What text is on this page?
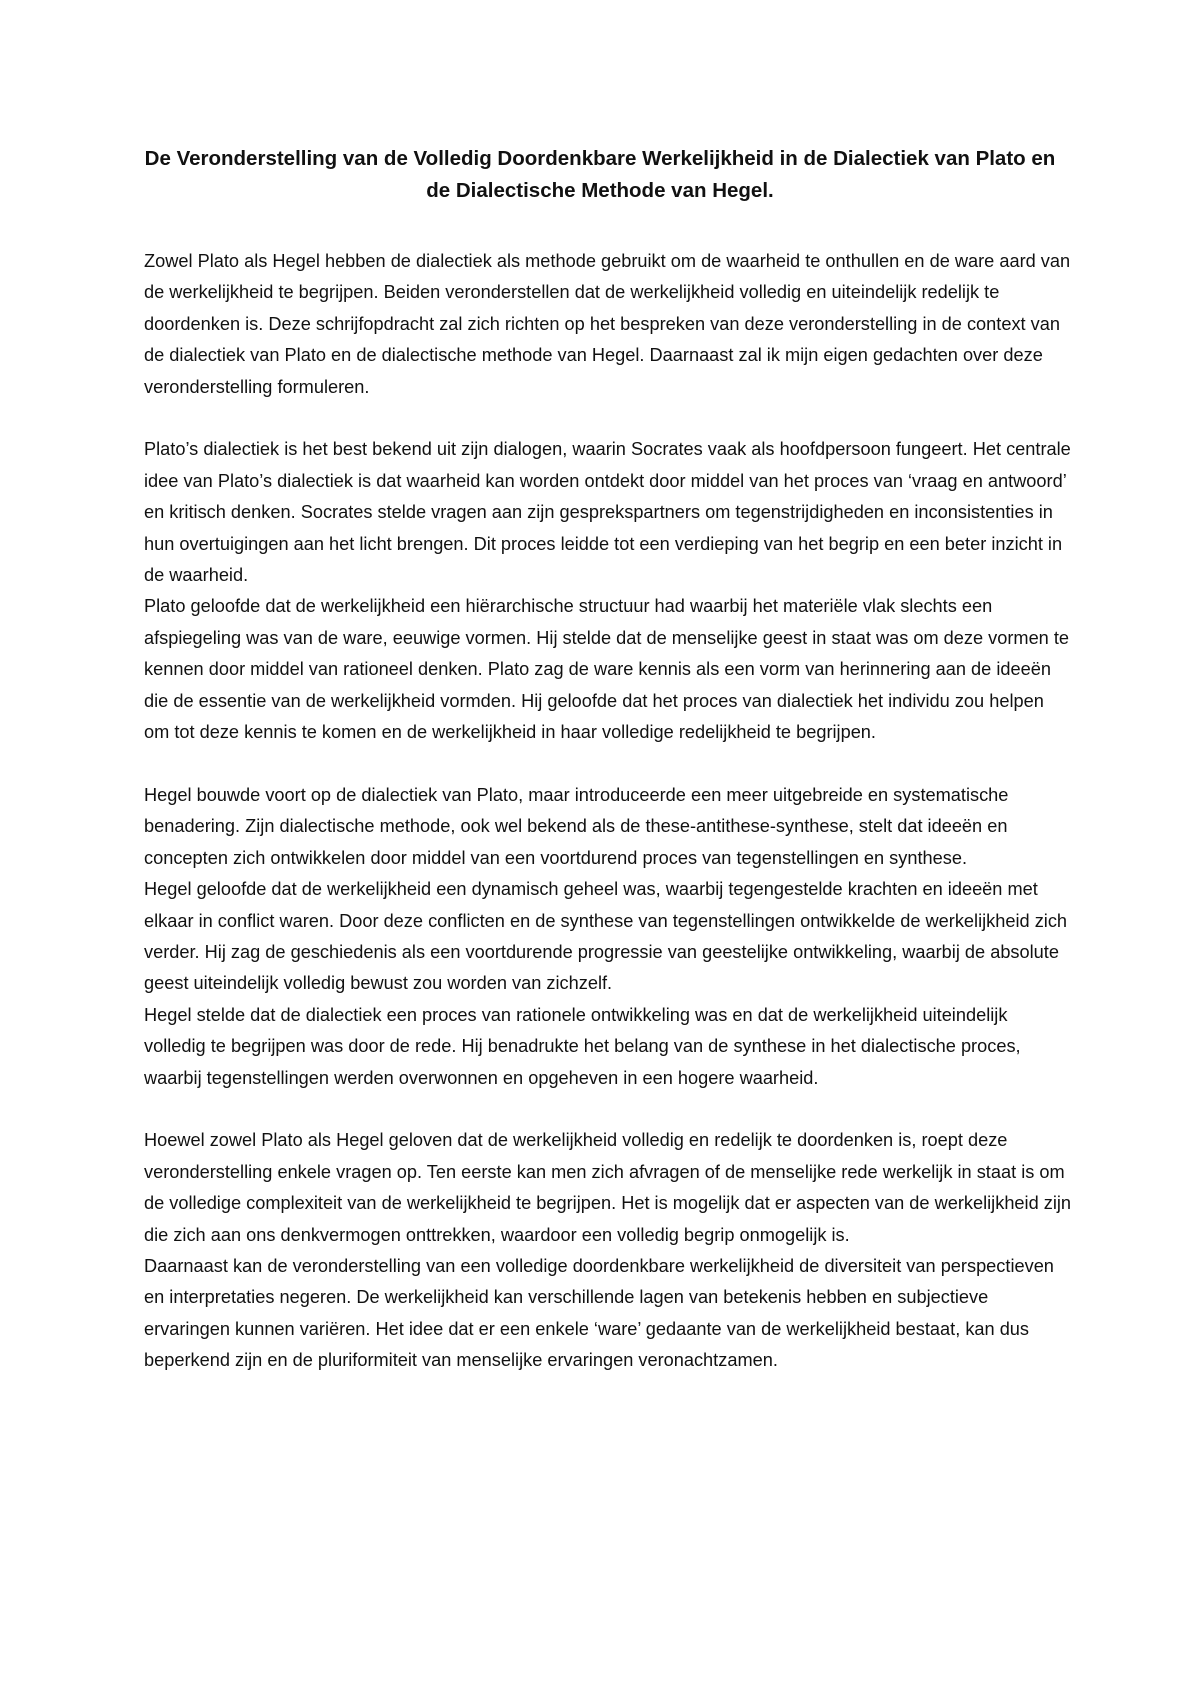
De Veronderstelling van de Volledig Doordenkbare Werkelijkheid in de Dialectiek van Plato en de Dialectische Methode van Hegel.

Zowel Plato als Hegel hebben de dialectiek als methode gebruikt om de waarheid te onthullen en de ware aard van de werkelijkheid te begrijpen. Beiden veronderstellen dat de werkelijkheid volledig en uiteindelijk redelijk te doordenken is. Deze schrijfopdracht zal zich richten op het bespreken van deze veronderstelling in de context van de dialectiek van Plato en de dialectische methode van Hegel. Daarnaast zal ik mijn eigen gedachten over deze veronderstelling formuleren.

Plato’s dialectiek is het best bekend uit zijn dialogen, waarin Socrates vaak als hoofdpersoon fungeert. Het centrale idee van Plato’s dialectiek is dat waarheid kan worden ontdekt door middel van het proces van ‘vraag en antwoord’ en kritisch denken. Socrates stelde vragen aan zijn gesprekspartners om tegenstrijdigheden en inconsistenties in hun overtuigingen aan het licht brengen. Dit proces leidde tot een verdieping van het begrip en een beter inzicht in de waarheid.

Plato geloofde dat de werkelijkheid een hiërarchische structuur had waarbij het materiële vlak slechts een afspiegeling was van de ware, eeuwige vormen. Hij stelde dat de menselijke geest in staat was om deze vormen te kennen door middel van rationeel denken. Plato zag de ware kennis als een vorm van herinnering aan de ideeën die de essentie van de werkelijkheid vormden. Hij geloofde dat het proces van dialectiek het individu zou helpen om tot deze kennis te komen en de werkelijkheid in haar volledige redelijkheid te begrijpen.

Hegel bouwde voort op de dialectiek van Plato, maar introduceerde een meer uitgebreide en systematische benadering. Zijn dialectische methode, ook wel bekend als de these-antithese-synthese, stelt dat ideeën en concepten zich ontwikkelen door middel van een voortdurend proces van tegenstellingen en synthese.

Hegel geloofde dat de werkelijkheid een dynamisch geheel was, waarbij tegengestelde krachten en ideeën met elkaar in conflict waren. Door deze conflicten en de synthese van tegenstellingen ontwikkelde de werkelijkheid zich verder. Hij zag de geschiedenis als een voortdurende progressie van geestelijke ontwikkeling, waarbij de absolute geest uiteindelijk volledig bewust zou worden van zichzelf.

Hegel stelde dat de dialectiek een proces van rationele ontwikkeling was en dat de werkelijkheid uiteindelijk volledig te begrijpen was door de rede. Hij benadrukte het belang van de synthese in het dialectische proces, waarbij tegenstellingen werden overwonnen en opgeheven in een hogere waarheid.

Hoewel zowel Plato als Hegel geloven dat de werkelijkheid volledig en redelijk te doordenken is, roept deze veronderstelling enkele vragen op. Ten eerste kan men zich afvragen of de menselijke rede werkelijk in staat is om de volledige complexiteit van de werkelijkheid te begrijpen. Het is mogelijk dat er aspecten van de werkelijkheid zijn die zich aan ons denkvermogen onttrekken, waardoor een volledig begrip onmogelijk is.

Daarnaast kan de veronderstelling van een volledige doordenkbare werkelijkheid de diversiteit van perspectieven en interpretaties negeren. De werkelijkheid kan verschillende lagen van betekenis hebben en subjectieve ervaringen kunnen variëren. Het idee dat er een enkele ‘ware’ gedaante van de werkelijkheid bestaat, kan dus beperkend zijn en de pluriformiteit van menselijke ervaringen veronachtzamen.
